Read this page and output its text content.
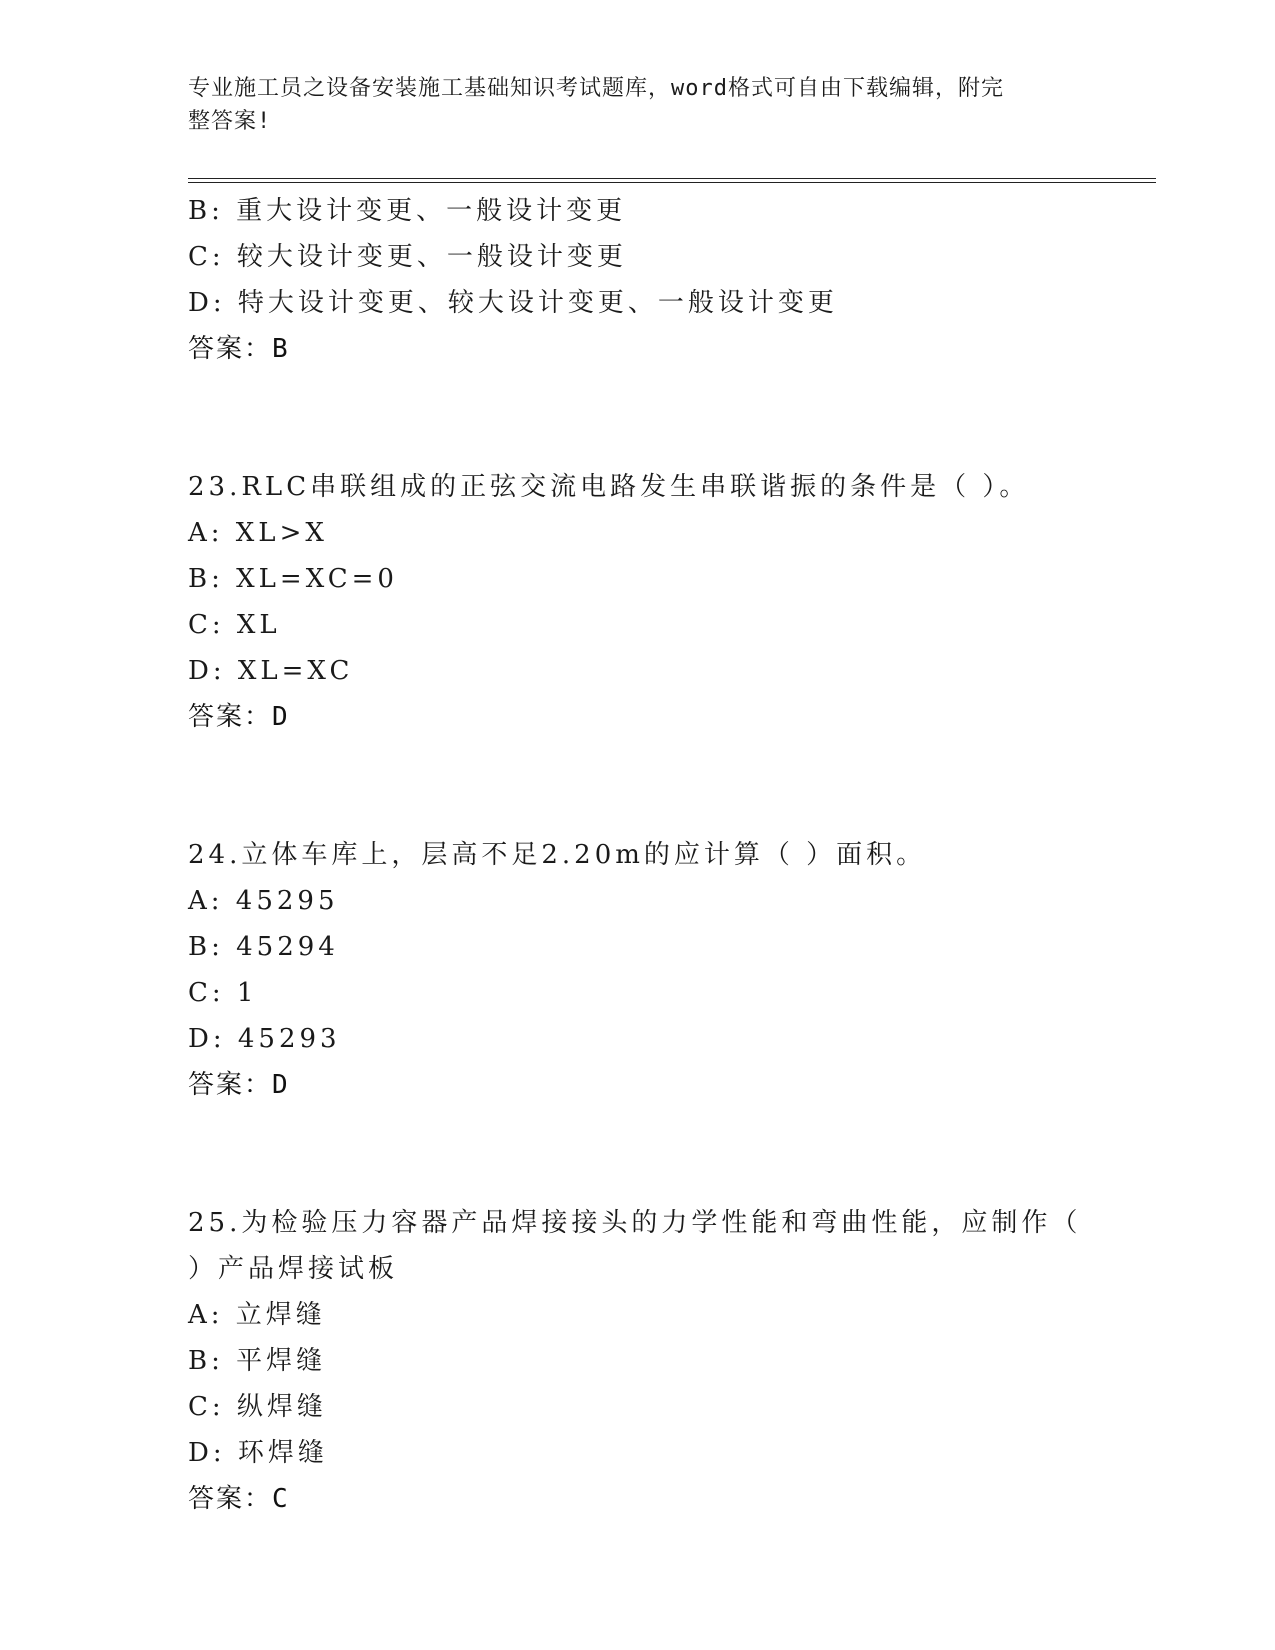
专业施工员之设备安装施工基础知识考试题库，word格式可自由下载编辑，附完
整答案!
B: 重大设计变更、一般设计变更
C: 较大设计变更、一般设计变更
D: 特大设计变更、较大设计变更、一般设计变更
答案：B
23.RLC串联组成的正弦交流电路发生串联谐振的条件是（ ）。
A: XL>X
B: XL=XC=0
C: XL
D: XL=XC
答案：D
24.立体车库上，层高不足2.20m的应计算（ ）面积。
A: 45295
B: 45294
C: 1
D: 45293
答案：D
25.为检验压力容器产品焊接接头的力学性能和弯曲性能，应制作（
）产品焊接试板
A: 立焊缝
B: 平焊缝
C: 纵焊缝
D: 环焊缝
答案：C
